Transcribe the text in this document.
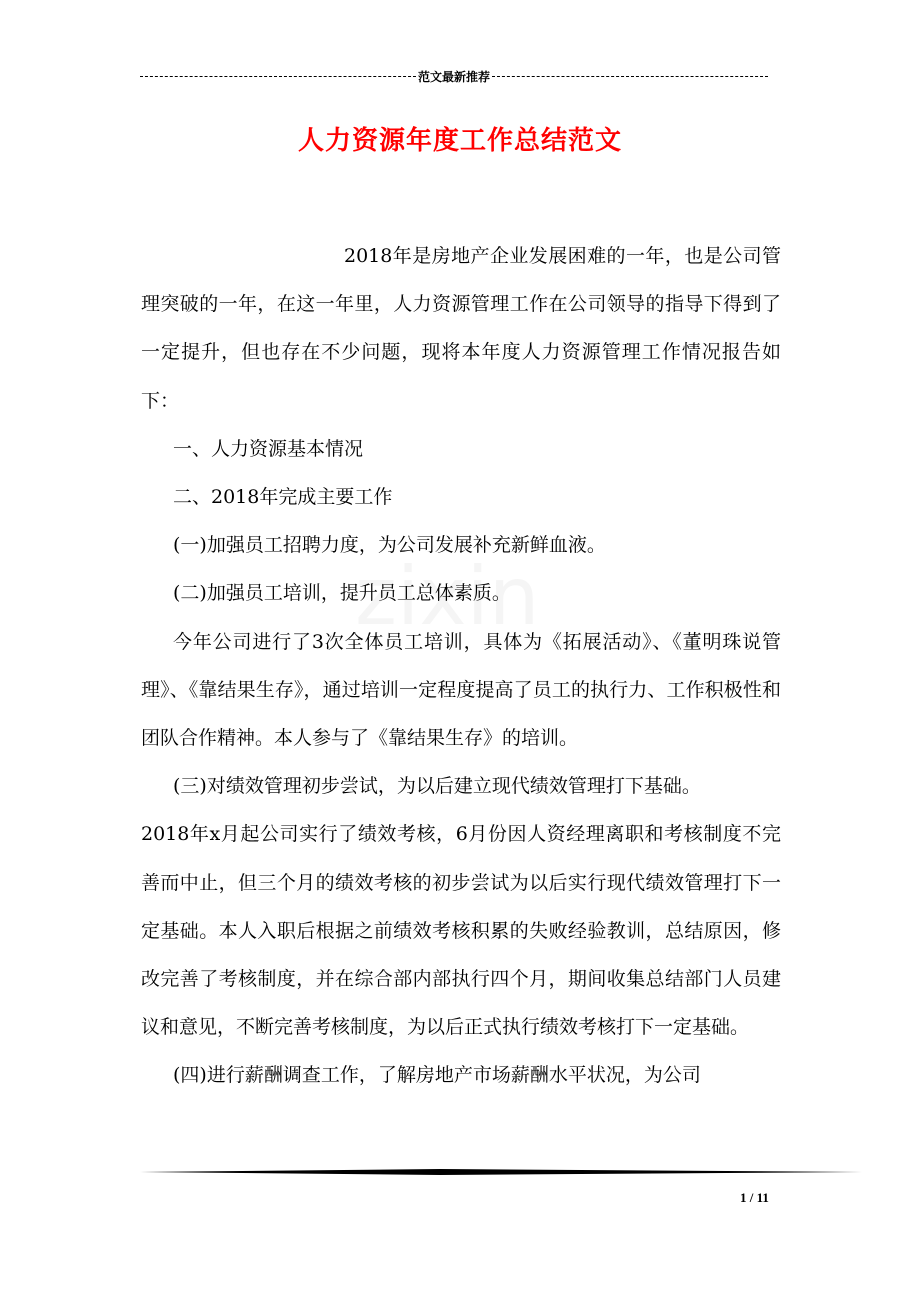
范文最新推荐
人力资源年度工作总结范文

2018年是房地产企业发展困难的一年，也是公司管理突破的一年，在这一年里，人力资源管理工作在公司领导的指导下得到了一定提升，但也存在不少问题，现将本年度人力资源管理工作情况报告如下：

一、人力资源基本情况

二、2018年完成主要工作

(一)加强员工招聘力度，为公司发展补充新鲜血液。

(二)加强员工培训，提升员工总体素质。

今年公司进行了3次全体员工培训，具体为《拓展活动》、《董明珠说管理》、《靠结果生存》，通过培训一定程度提高了员工的执行力、工作积极性和团队合作精神。本人参与了《靠结果生存》的培训。

(三)对绩效管理初步尝试，为以后建立现代绩效管理打下基础。

2018年x月起公司实行了绩效考核，6月份因人资经理离职和考核制度不完善而中止，但三个月的绩效考核的初步尝试为以后实行现代绩效管理打下一定基础。本人入职后根据之前绩效考核积累的失败经验教训，总结原因，修改完善了考核制度，并在综合部内部执行四个月，期间收集总结部门人员建议和意见，不断完善考核制度，为以后正式执行绩效考核打下一定基础。

(四)进行薪酬调查工作，了解房地产市场薪酬水平状况，为公司

1 / 11
